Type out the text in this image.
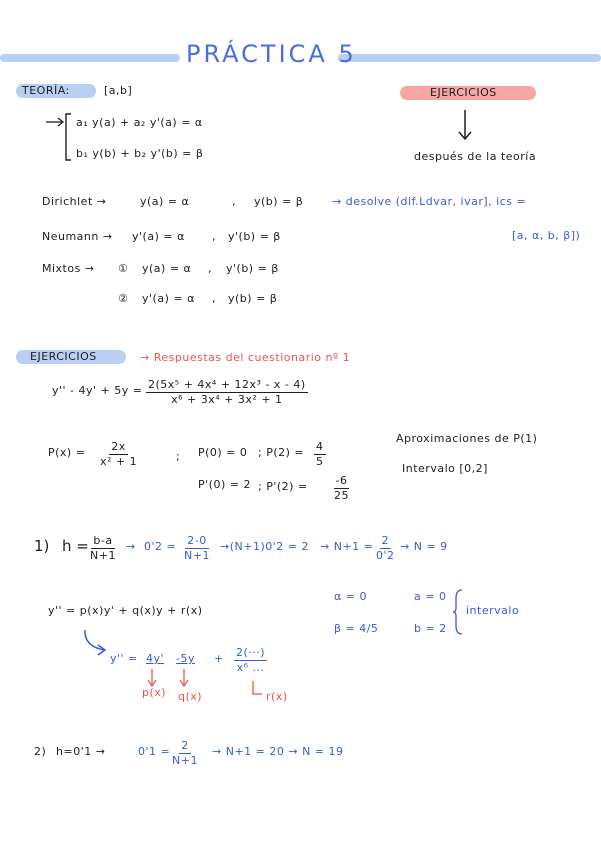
PRÁCTICA 5
TEORÍA:	[a,b]	EJERCICIOS
después de la teoría
a₁ y(a) + a₂ y'(a) = α
b₁ y(b) + b₂ y'(b) = β
Dirichlet →	y(a) = α	, y(b) = β	→ desolve (dif.Ldvar, ivar], ics =
[a, α, b, β])
Neumann → y'(a) = α , y'(b) = β
Mixtos → ① y(a) = α , y'(b) = β
② y'(a) = α , y(b) = β
EJERCICIOS	→ Respuestas del cuestionario nº 1
$y'' - 4y' + 5y = \frac{\text{2(5x⁵ + 4x⁴ + 12x³ - x - 4)}}{\text{x⁶ + 3x⁴ + 3x² + 1}}$
$P(x) = \frac{2x}{\text{x² + 1}}$	; P(0) = 0 ; $P(2) = \frac{4}{5}$
P'(0) = 2 ; $P'(2) = \frac{-6}{25}$
Aproximaciones de P(1)
Intervalo [0,2]
1) $h = \frac{b-a}{N+1} \to 0'2 = \frac{2-0}{N+1} \to(N+1)0'2 = 2 \to N+1 = \frac{2}{0'2} \to N = 9$
y'' = p(x)y' + q(x)y + r(x)
α = 0
β = 4/5
a = 0
b = 2
intervalo
y'' = 4y' $-5y + \frac{2(\cdot\cdot\cdot)}{\text{x⁶ ...}}$
p(x) q(x)	r(x)
2) h=0'1 →	$0'1 = \frac{2}{N+1} \to N+1 = 20 \to N = 19$
